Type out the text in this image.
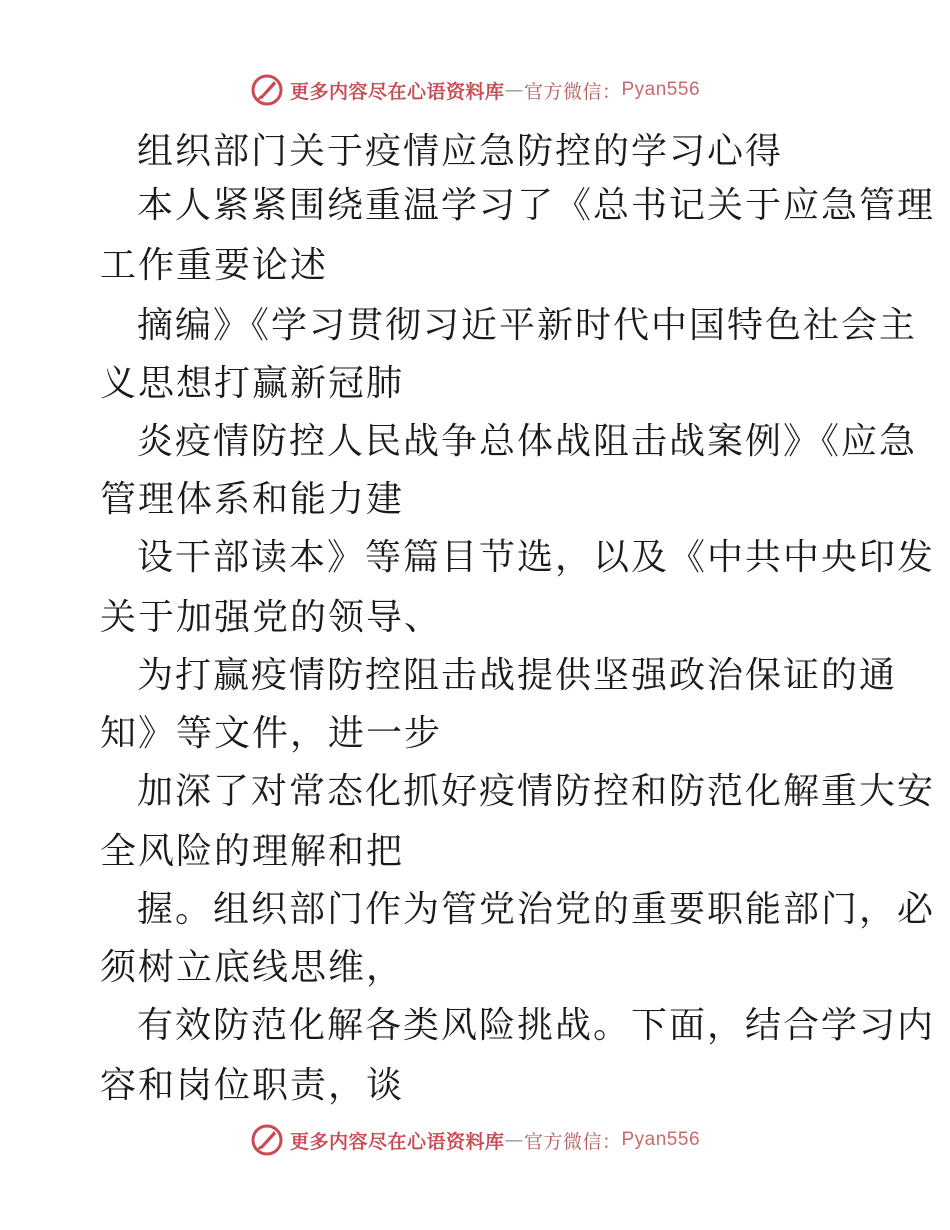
更多内容尽在心语资料库 — 官方微信： Pyan556
组织部门关于疫情应急防控的学习心得
本人紧紧围绕重温学习了《总书记关于应急管理
工作重要论述
摘编》《学习贯彻习近平新时代中国特色社会主
义思想打赢新冠肺
炎疫情防控人民战争总体战阻击战案例》《应急
管理体系和能力建
设干部读本》等篇目节选，以及《中共中央印发
关于加强党的领导、
为打赢疫情防控阻击战提供坚强政治保证的通
知》等文件，进一步
加深了对常态化抓好疫情防控和防范化解重大安
全风险的理解和把
握。组织部门作为管党治党的重要职能部门，必
须树立底线思维，
有效防范化解各类风险挑战。下面，结合学习内
容和岗位职责，谈
更多内容尽在心语资料库 — 官方微信： Pyan556
